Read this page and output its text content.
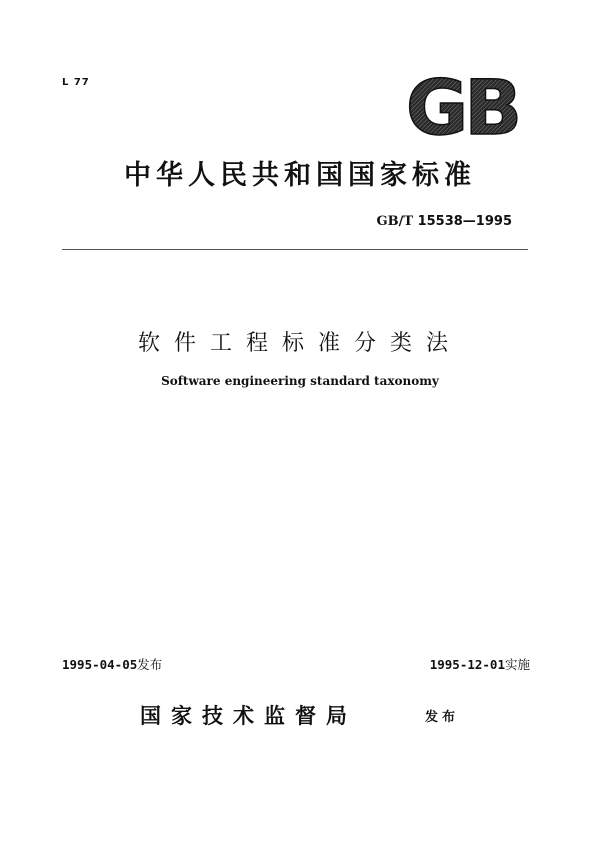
L 77	GB
中华人民共和国国家标准
GB/T 15538—1995
软件工程标准分类法
Software engineering standard taxonomy
1995-04-05发布	1995-12-01实施
国家技术监督局	发布
